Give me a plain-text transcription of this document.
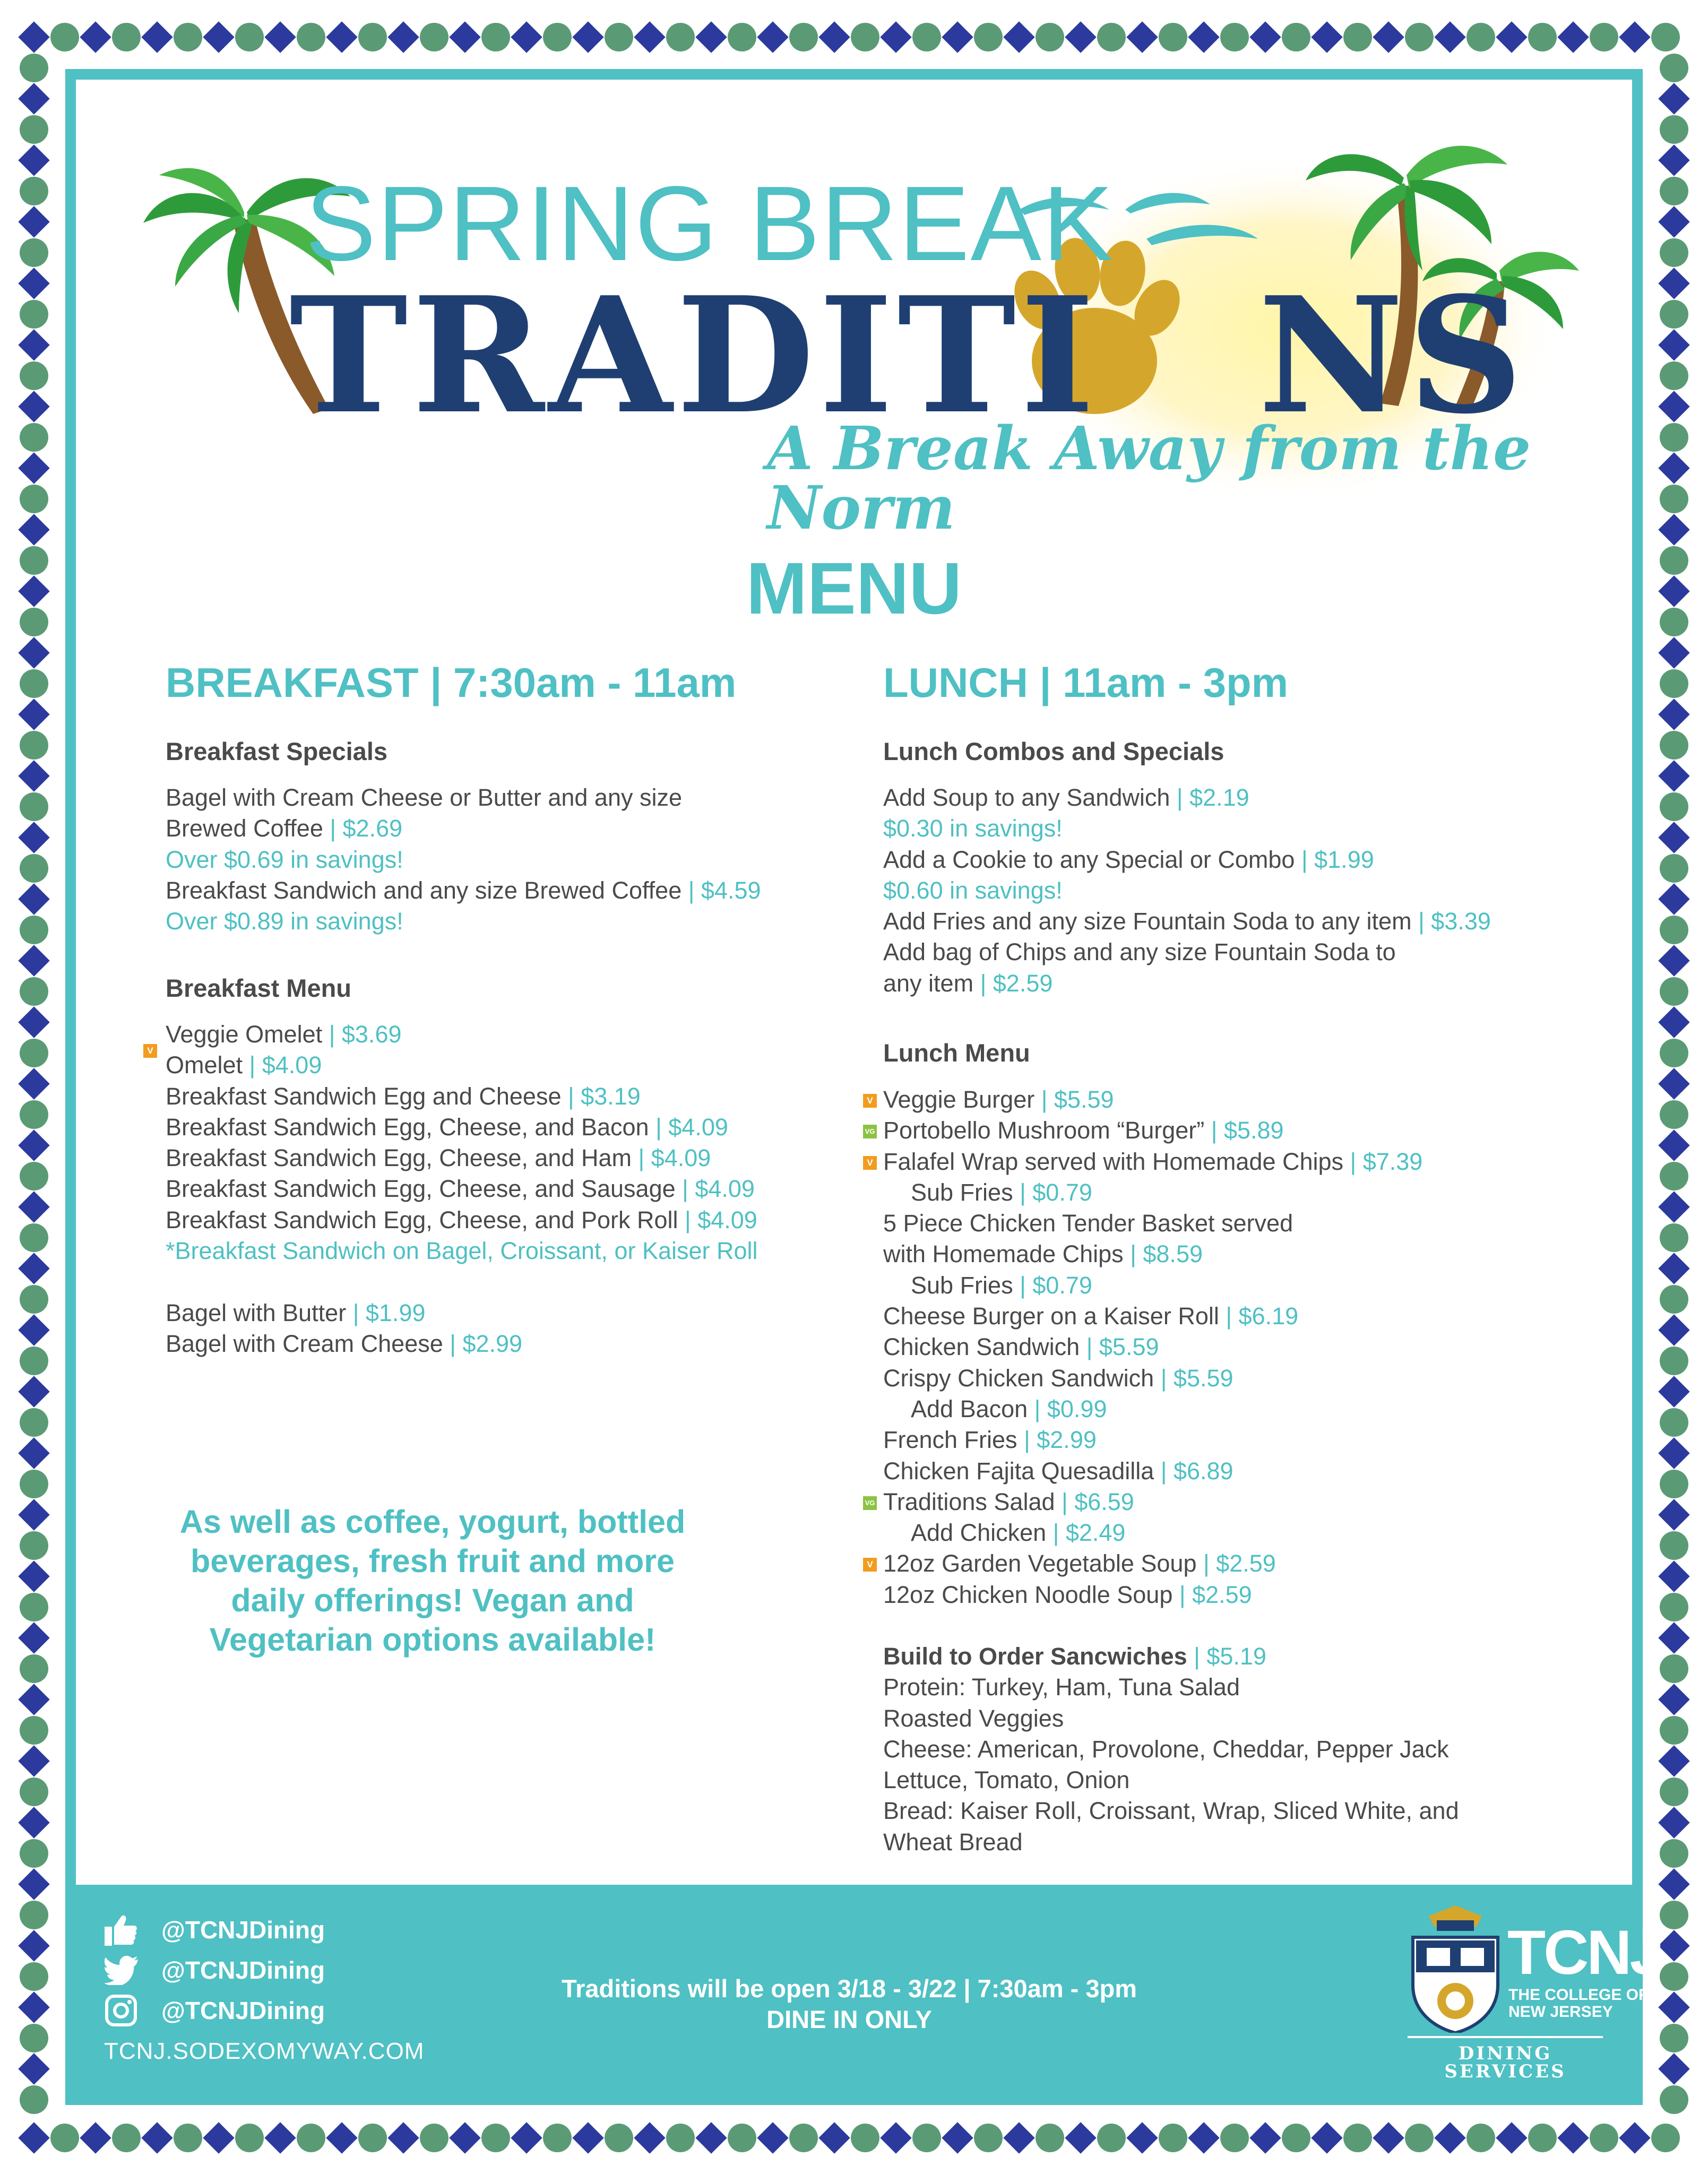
SPRING BREAK
TRADITI NS
A Break Away from the Norm
MENU
BREAKFAST | 7:30am - 11am
Breakfast Specials
Bagel with Cream Cheese or Butter and any size
Brewed Coffee | $2.69
Over $0.69 in savings!
Breakfast Sandwich and any size Brewed Coffee | $4.59
Over $0.89 in savings!
Breakfast Menu
Veggie Omelet | $3.69
Omelet | $4.09
Breakfast Sandwich Egg and Cheese | $3.19
Breakfast Sandwich Egg, Cheese, and Bacon | $4.09
Breakfast Sandwich Egg, Cheese, and Ham | $4.09
Breakfast Sandwich Egg, Cheese, and Sausage | $4.09
Breakfast Sandwich Egg, Cheese, and Pork Roll | $4.09
*Breakfast Sandwich on Bagel, Croissant, or Kaiser Roll

Bagel with Butter | $1.99
Bagel with Cream Cheese | $2.99
V
As well as coffee, yogurt, bottled beverages, fresh fruit and more daily offerings! Vegan and Vegetarian options available!
LUNCH | 11am - 3pm
Lunch Combos and Specials
Add Soup to any Sandwich | $2.19
$0.30 in savings!
Add a Cookie to any Special or Combo | $1.99
$0.60 in savings!
Add Fries and any size Fountain Soda to any item | $3.39
Add bag of Chips and any size Fountain Soda to
any item | $2.59
Lunch Menu
V Veggie Burger | $5.59
VG Portobello Mushroom “Burger” | $5.89
V Falafel Wrap served with Homemade Chips | $7.39
Sub Fries | $0.79
5 Piece Chicken Tender Basket served
with Homemade Chips | $8.59
Sub Fries | $0.79
Cheese Burger on a Kaiser Roll | $6.19
Chicken Sandwich | $5.59
Crispy Chicken Sandwich | $5.59
Add Bacon | $0.99
French Fries | $2.99
Chicken Fajita Quesadilla | $6.89
VG Traditions Salad | $6.59
Add Chicken | $2.49
V 12oz Garden Vegetable Soup | $2.59
12oz Chicken Noodle Soup | $2.59
Build to Order Sancwiches | $5.19
Protein: Turkey, Ham, Tuna Salad
Roasted Veggies
Cheese: American, Provolone, Cheddar, Pepper Jack
Lettuce, Tomato, Onion
Bread: Kaiser Roll, Croissant, Wrap, Sliced White, and
Wheat Bread
@TCNJDining
@TCNJDining
@TCNJDining
TCNJ.SODEXOMYWAY.COM
Traditions will be open 3/18 - 3/22 | 7:30am - 3pm
DINE IN ONLY
TCNJ
THE COLLEGE OF
NEW JERSEY
DINING SERVICES
